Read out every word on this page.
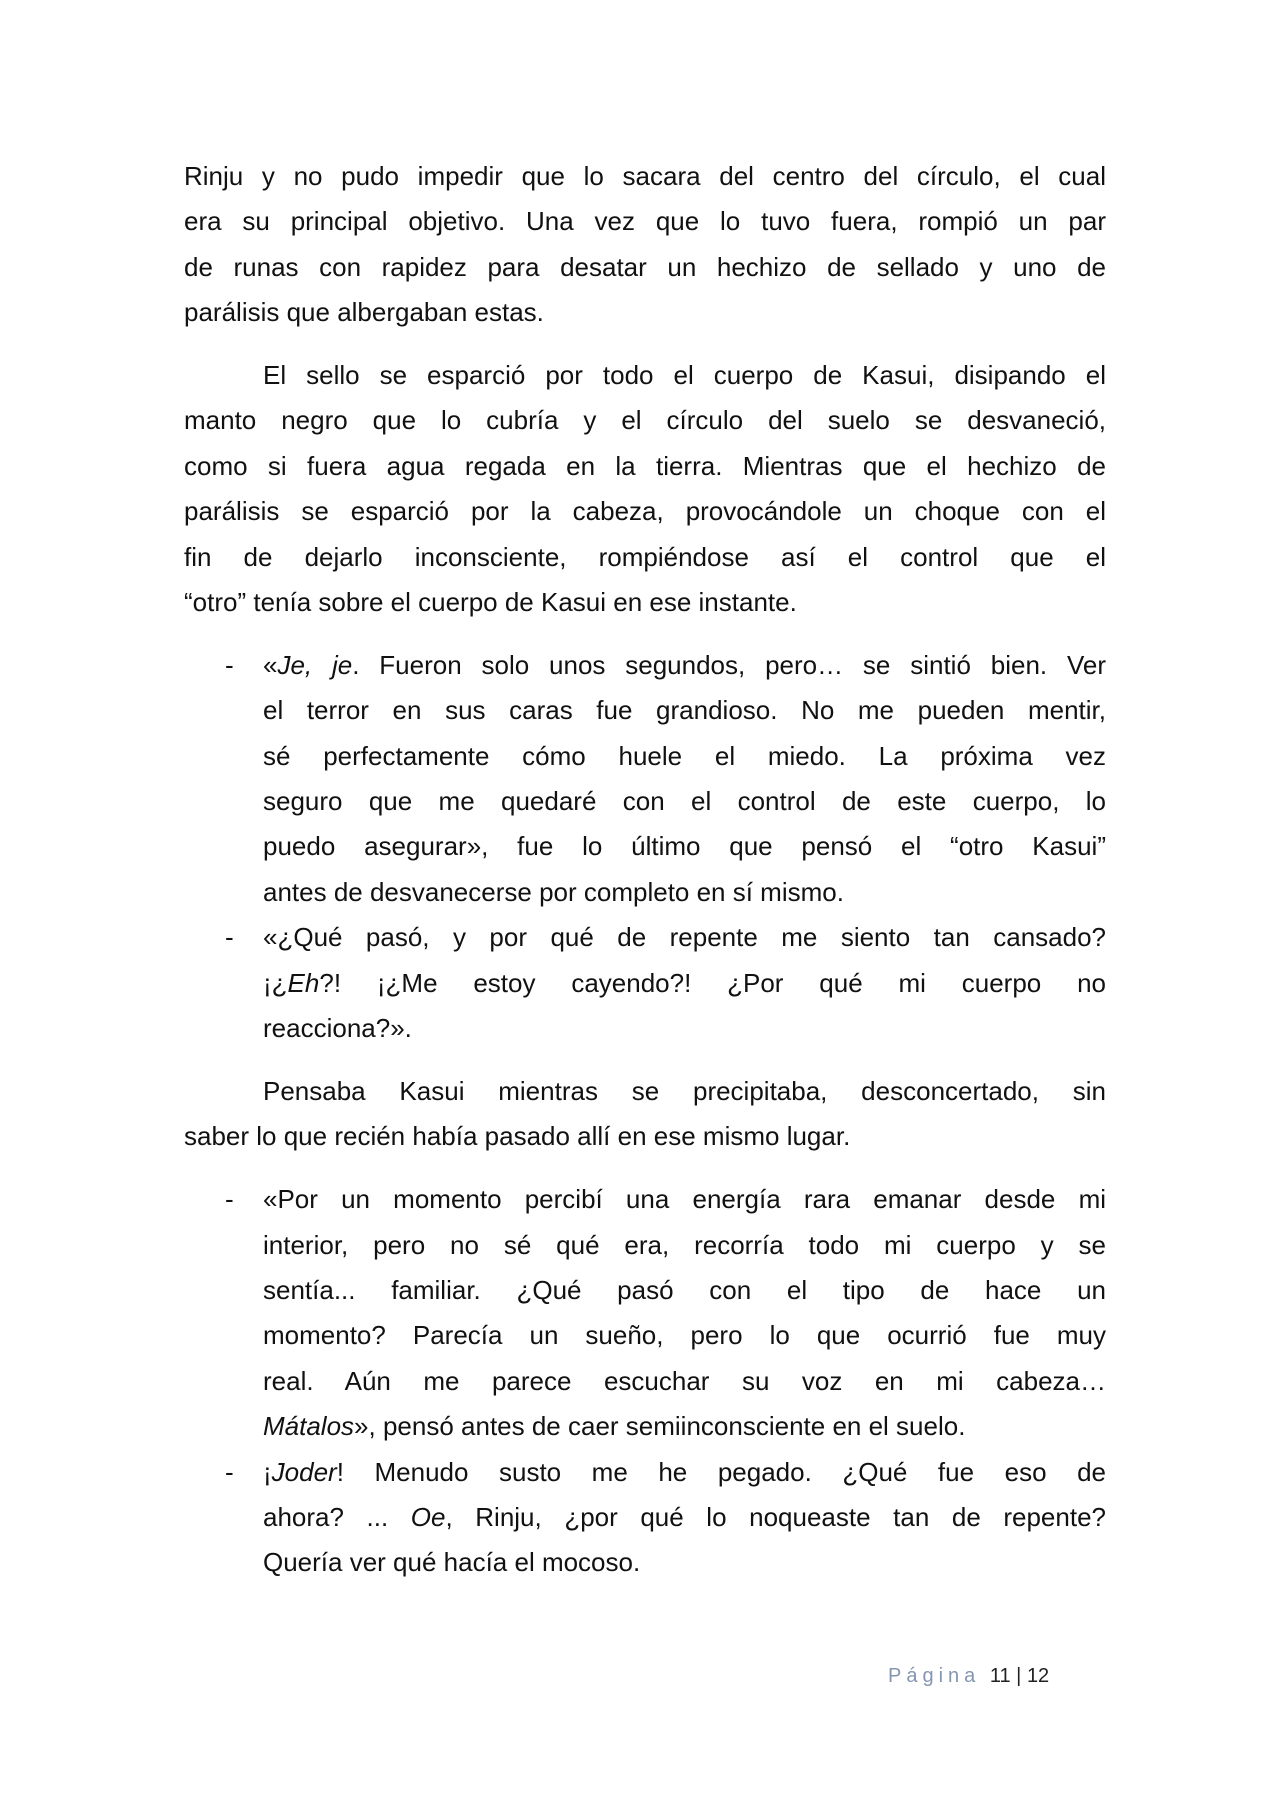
Rinju y no pudo impedir que lo sacara del centro del círculo, el cual
era su principal objetivo. Una vez que lo tuvo fuera, rompió un par
de runas con rapidez para desatar un hechizo de sellado y uno de
parálisis que albergaban estas.
El sello se esparció por todo el cuerpo de Kasui, disipando el
manto negro que lo cubría y el círculo del suelo se desvaneció,
como si fuera agua regada en la tierra. Mientras que el hechizo de
parálisis se esparció por la cabeza, provocándole un choque con el
fin de dejarlo inconsciente, rompiéndose así el control que el
“otro” tenía sobre el cuerpo de Kasui en ese instante.
- «Je, je. Fueron solo unos segundos, pero… se sintió bien. Ver
el terror en sus caras fue grandioso. No me pueden mentir,
sé perfectamente cómo huele el miedo. La próxima vez
seguro que me quedaré con el control de este cuerpo, lo
puedo asegurar», fue lo último que pensó el “otro Kasui”
antes de desvanecerse por completo en sí mismo.
- «¿Qué pasó, y por qué de repente me siento tan cansado?
¡¿Eh?! ¡¿Me estoy cayendo?! ¿Por qué mi cuerpo no
reacciona?».
Pensaba Kasui mientras se precipitaba, desconcertado, sin
saber lo que recién había pasado allí en ese mismo lugar.
- «Por un momento percibí una energía rara emanar desde mi
interior, pero no sé qué era, recorría todo mi cuerpo y se
sentía... familiar. ¿Qué pasó con el tipo de hace un
momento? Parecía un sueño, pero lo que ocurrió fue muy
real. Aún me parece escuchar su voz en mi cabeza…
Mátalos», pensó antes de caer semiinconsciente en el suelo.
- ¡Joder! Menudo susto me he pegado. ¿Qué fue eso de
ahora? ... Oe, Rinju, ¿por qué lo noqueaste tan de repente?
Quería ver qué hacía el mocoso.
Página 11 | 12
